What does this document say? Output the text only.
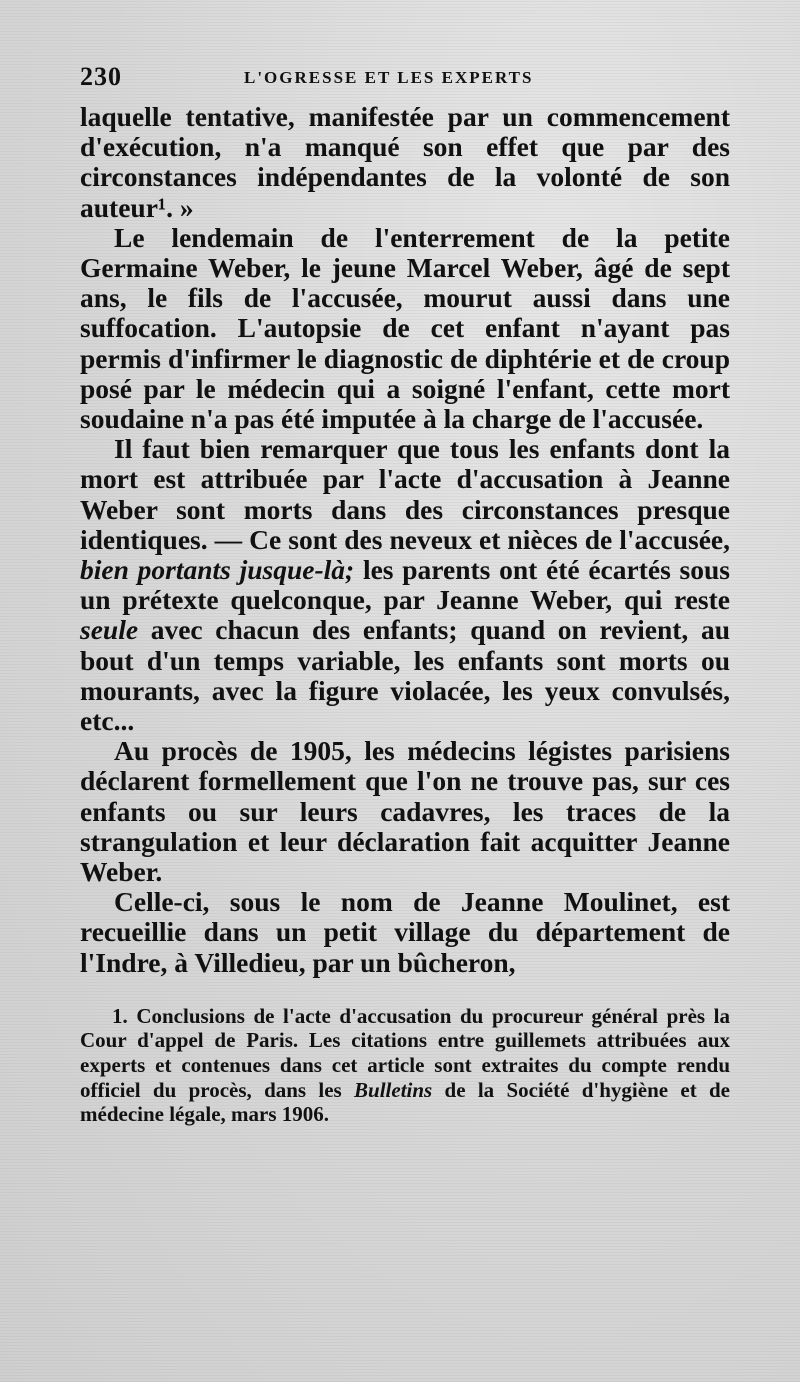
230	L'OGRESSE ET LES EXPERTS

laquelle tentative, manifestée par un commencement d'exécution, n'a manqué son effet que par des circonstances indépendantes de la volonté de son auteur¹. »

Le lendemain de l'enterrement de la petite Germaine Weber, le jeune Marcel Weber, âgé de sept ans, le fils de l'accusée, mourut aussi dans une suffocation. L'autopsie de cet enfant n'ayant pas permis d'infirmer le diagnostic de diphtérie et de croup posé par le médecin qui a soigné l'enfant, cette mort soudaine n'a pas été imputée à la charge de l'accusée.

Il faut bien remarquer que tous les enfants dont la mort est attribuée par l'acte d'accusation à Jeanne Weber sont morts dans des circonstances presque identiques. — Ce sont des neveux et nièces de l'accusée, bien portants jusque-là; les parents ont été écartés sous un prétexte quelconque, par Jeanne Weber, qui reste seule avec chacun des enfants; quand on revient, au bout d'un temps variable, les enfants sont morts ou mourants, avec la figure violacée, les yeux convulsés, etc...

Au procès de 1905, les médecins légistes parisiens déclarent formellement que l'on ne trouve pas, sur ces enfants ou sur leurs cadavres, les traces de la strangulation et leur déclaration fait acquitter Jeanne Weber.

Celle-ci, sous le nom de Jeanne Moulinet, est recueillie dans un petit village du département de l'Indre, à Villedieu, par un bûcheron,

1. Conclusions de l'acte d'accusation du procureur général près la Cour d'appel de Paris. Les citations entre guillemets attribuées aux experts et contenues dans cet article sont extraites du compte rendu officiel du procès, dans les Bulletins de la Société d'hygiène et de médecine légale, mars 1906.
